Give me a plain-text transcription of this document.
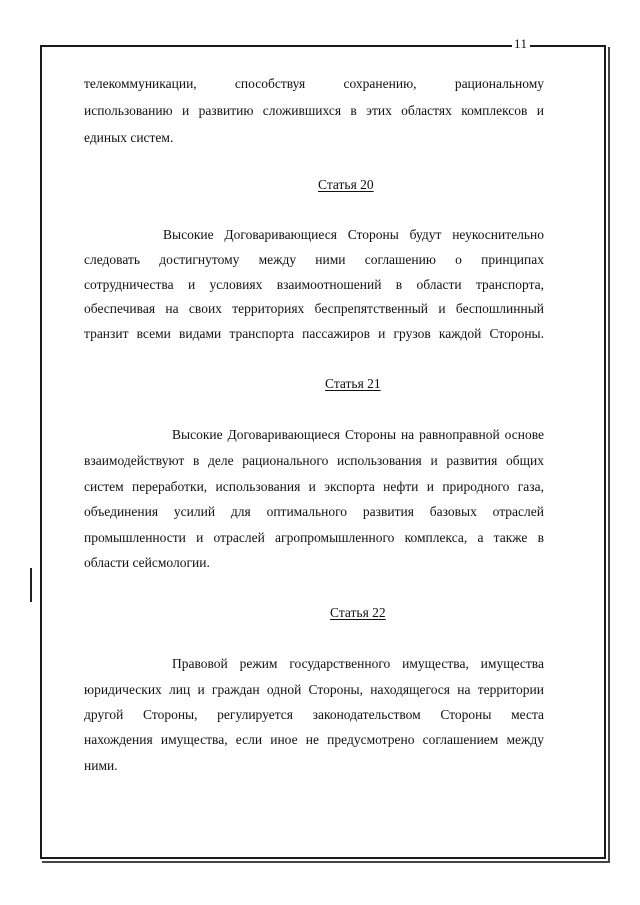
11
телекоммуникации, способствуя сохранению, рациональному
использованию и развитию сложившихся в этих областях комплексов и
единых систем.
Статья 20
Высокие Договаривающиеся Стороны будут неукоснительно
следовать достигнутому между ними соглашению о принципах
сотрудничества и условиях взаимоотношений в области транспорта,
обеспечивая на своих территориях беспрепятственный и беспошлинный
транзит всеми видами транспорта пассажиров и грузов каждой Стороны.
Статья 21
Высокие Договаривающиеся Стороны на равноправной основе
взаимодействуют в деле рационального использования и развития общих
систем переработки, использования и экспорта нефти и природного газа,
объединения усилий для оптимального развития базовых отраслей
промышленности и отраслей агропромышленного комплекса, а также в
области сейсмологии.
Статья 22
Правовой режим государственного имущества, имущества
юридических лиц и граждан одной Стороны, находящегося на территории
другой Стороны, регулируется законодательством Стороны места
нахождения имущества, если иное не предусмотрено соглашением между
ними.
